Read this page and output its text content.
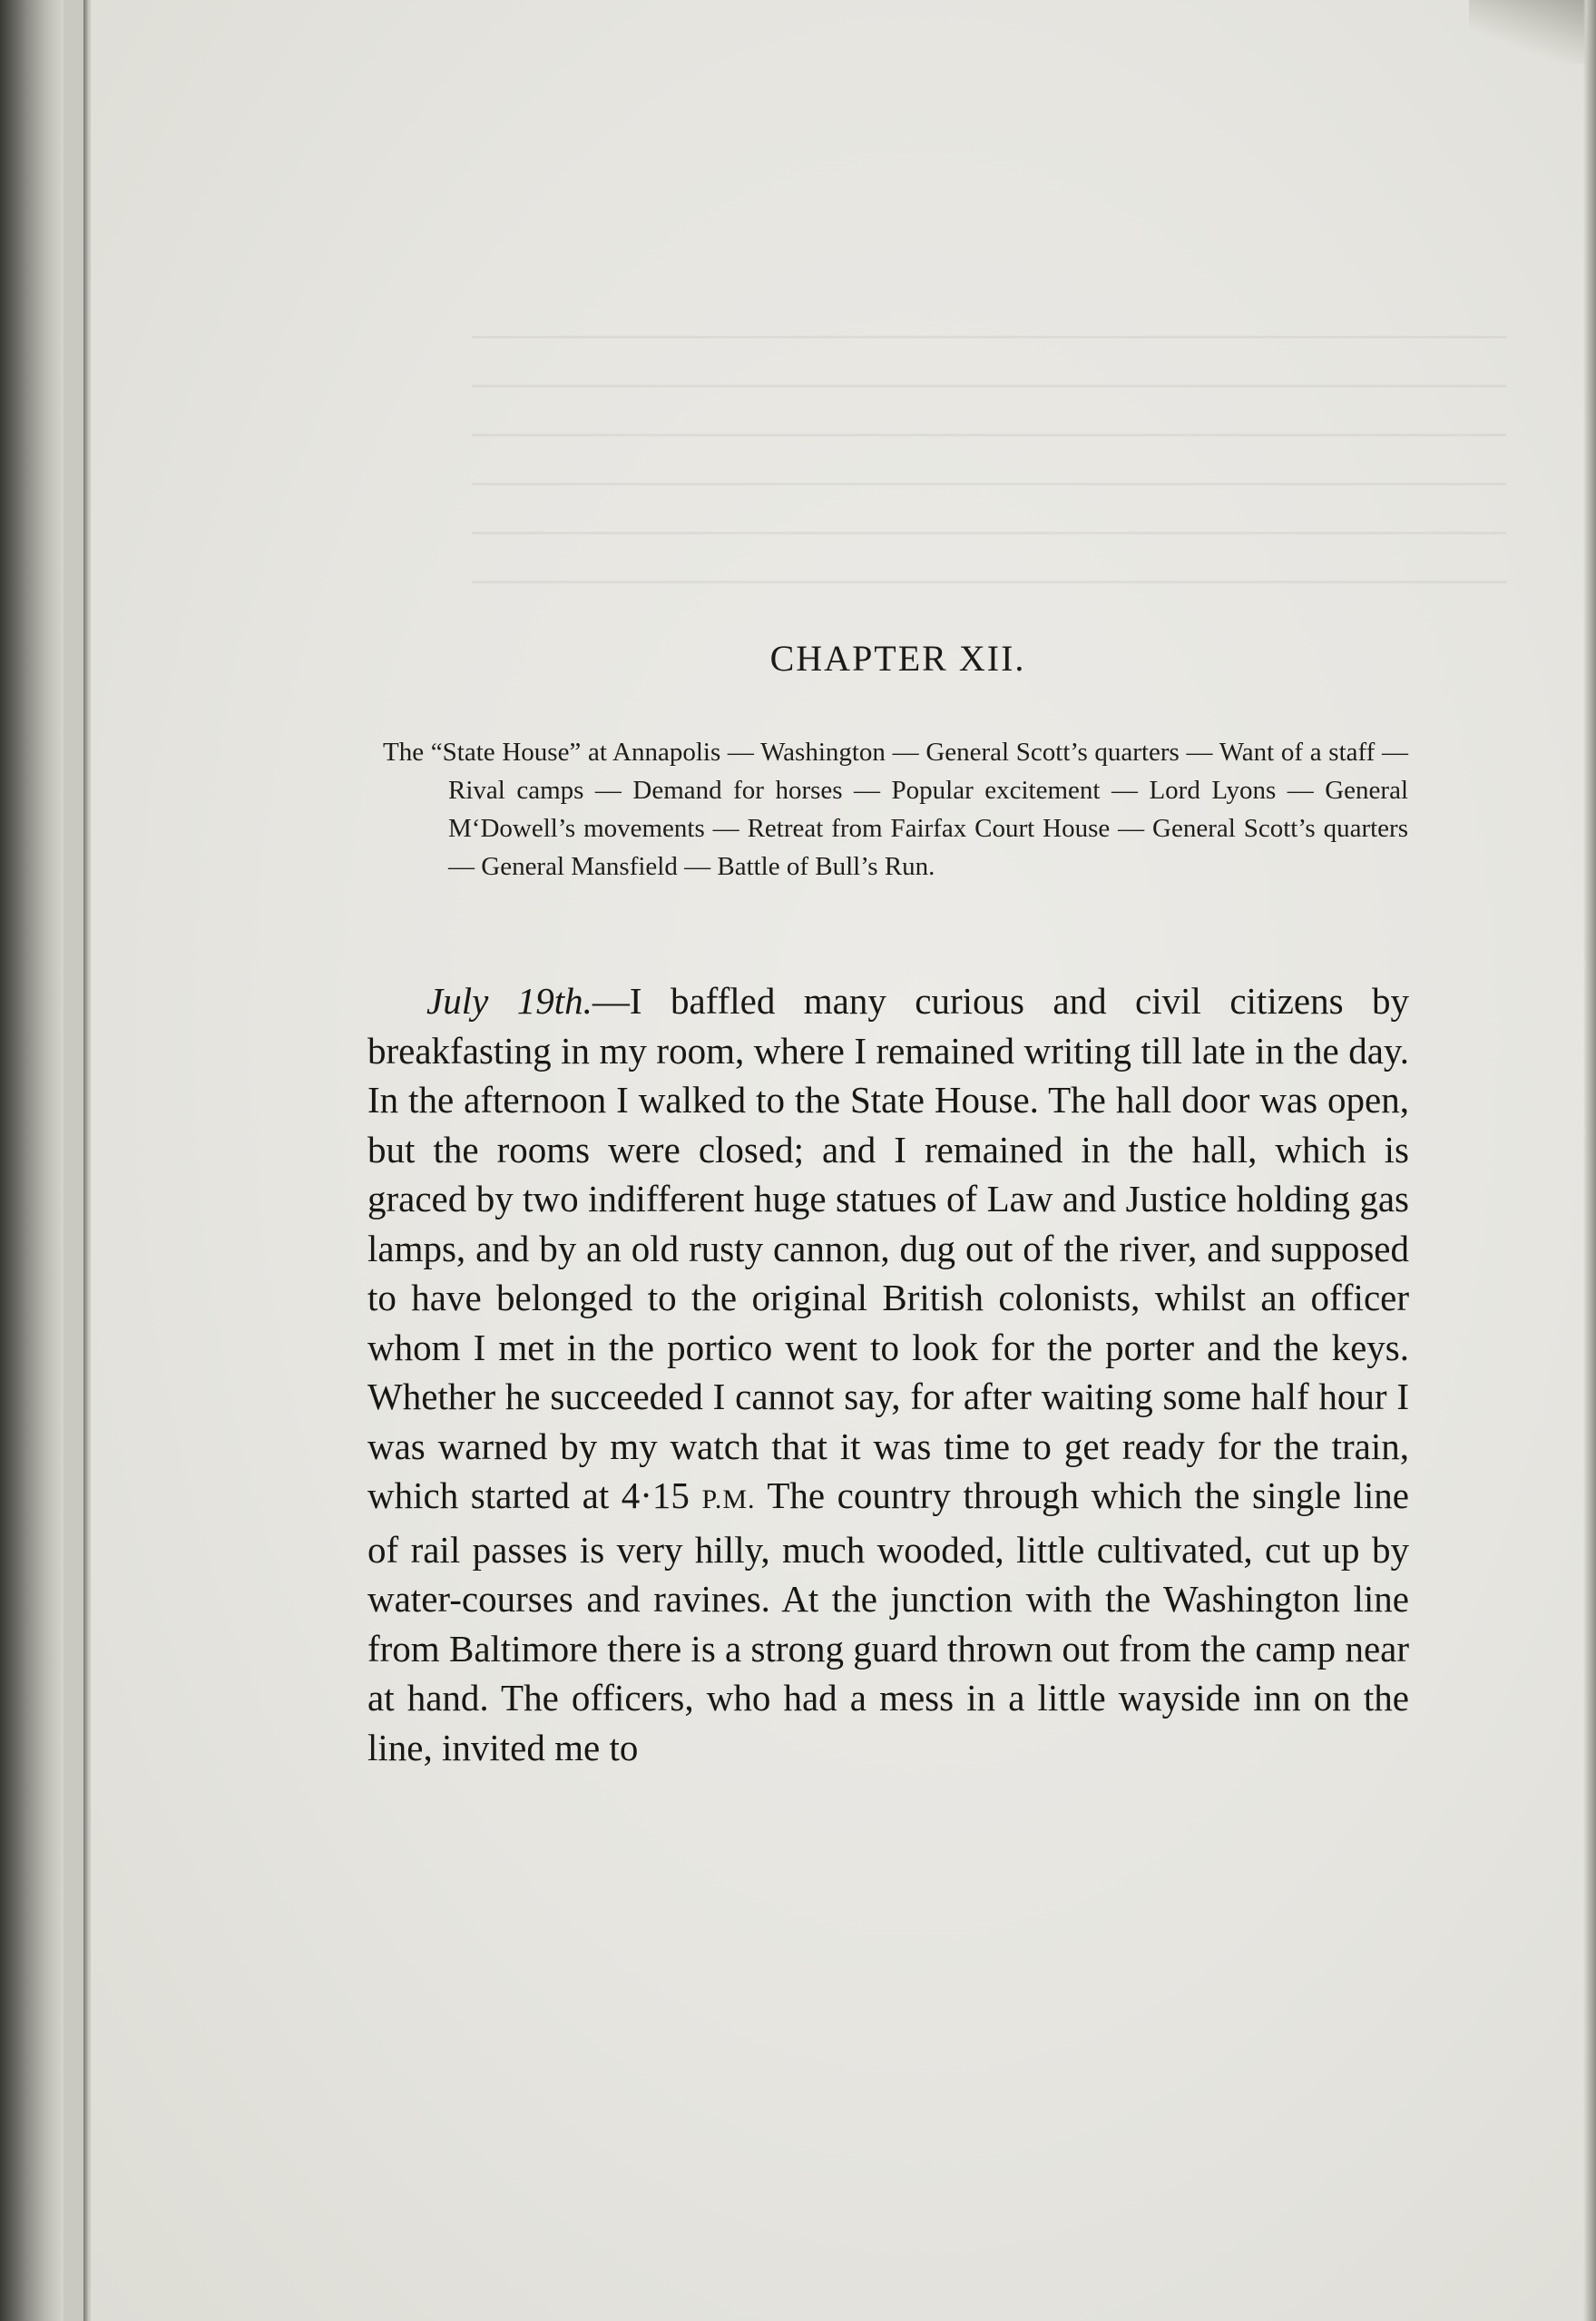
CHAPTER XII.

The “State House” at Annapolis — Washington — General Scott’s quarters — Want of a staff — Rival camps — Demand for horses — Popular excitement — Lord Lyons — General M‘Dowell’s movements — Retreat from Fairfax Court House — General Scott’s quarters — General Mansfield — Battle of Bull’s Run.

July 19th.—I baffled many curious and civil citizens by breakfasting in my room, where I remained writing till late in the day. In the afternoon I walked to the State House. The hall door was open, but the rooms were closed; and I remained in the hall, which is graced by two indifferent huge statues of Law and Justice holding gas lamps, and by an old rusty cannon, dug out of the river, and supposed to have belonged to the original British colonists, whilst an officer whom I met in the portico went to look for the porter and the keys. Whether he succeeded I cannot say, for after waiting some half hour I was warned by my watch that it was time to get ready for the train, which started at 4·15 P.M. The country through which the single line of rail passes is very hilly, much wooded, little cultivated, cut up by water-courses and ravines. At the junction with the Washington line from Baltimore there is a strong guard thrown out from the camp near at hand. The officers, who had a mess in a little wayside inn on the line, invited me to
